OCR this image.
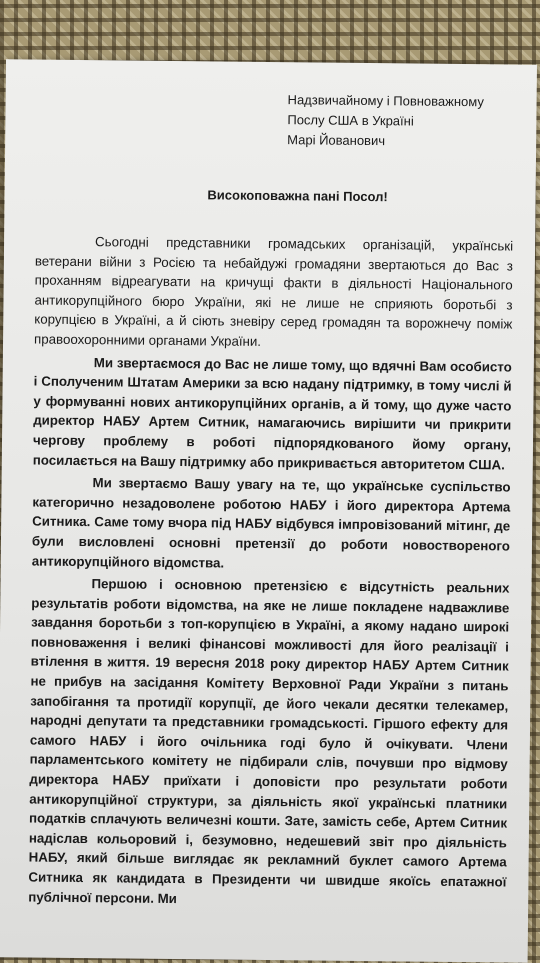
Надзвичайному і Повноважному
Послу США в Україні
Марі Йованович
Високоповажна пані Посол!

Сьогодні представники громадських організацій, українські ветерани війни з Росією та небайдужі громадяни звертаються до Вас з проханням відреагувати на кричущі факти в діяльності Національного антикорупційного бюро України, які не лише не сприяють боротьбі з корупцією в Україні, а й сіють зневіру серед громадян та ворожнечу поміж правоохоронними органами України.

Ми звертаємося до Вас не лише тому, що вдячні Вам особисто і Сполученим Штатам Америки за всю надану підтримку, в тому числі й у формуванні нових антикорупційних органів, а й тому, що дуже часто директор НАБУ Артем Ситник, намагаючись вирішити чи прикрити чергову проблему в роботі підпорядкованого йому органу, посилається на Вашу підтримку або прикривається авторитетом США.

Ми звертаємо Вашу увагу на те, що українське суспільство категорично незадоволене роботою НАБУ і його директора Артема Ситника. Саме тому вчора під НАБУ відбувся імпровізований мітинг, де були висловлені основні претензії до роботи новоствореного антикорупційного відомства.

Першою і основною претензією є відсутність реальних результатів роботи відомства, на яке не лише покладене надважливе завдання боротьби з топ-корупцією в Україні, а якому надано широкі повноваження і великі фінансові можливості для його реалізації і втілення в життя. 19 вересня 2018 року директор НАБУ Артем Ситник не прибув на засідання Комітету Верховної Ради України з питань запобігання та протидії корупції, де його чекали десятки телекамер, народні депутати та представники громадськості. Гіршого ефекту для самого НАБУ і його очільника годі було й очікувати. Члени парламентського комітету не підбирали слів, почувши про відмову директора НАБУ приїхати і доповісти про результати роботи антикорупційної структури, за діяльність якої українські платники податків сплачують величезні кошти. Зате, замість себе, Артем Ситник надіслав кольоровий і, безумовно, недешевий звіт про діяльність НАБУ, який більше виглядає як рекламний буклет самого Артема Ситника як кандидата в Президенти чи швидше якоїсь епатажної публічної персони. Ми
